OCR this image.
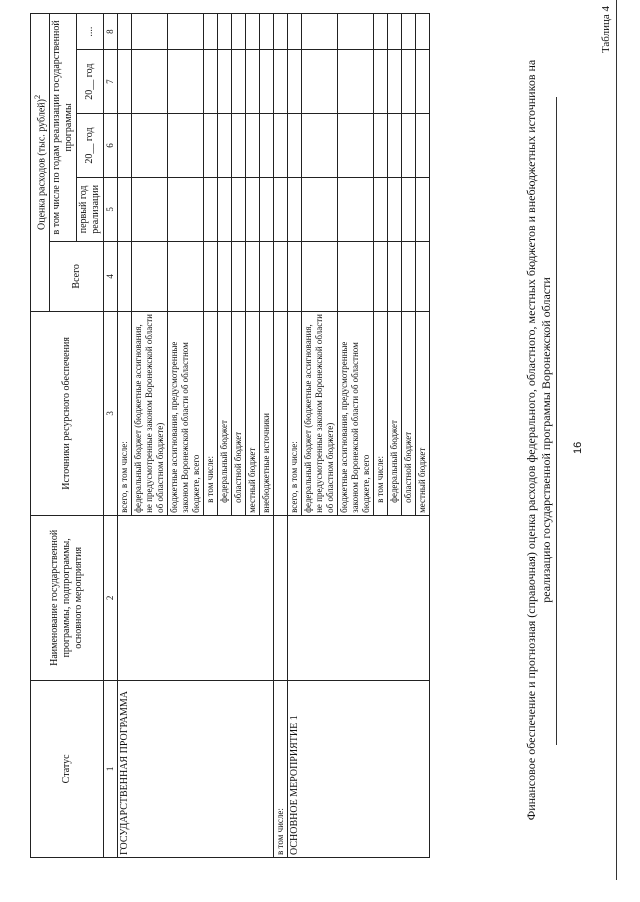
16
Таблица 4
Финансовое обеспечение и прогнозная (справочная) оценка расходов федерального, областного, местных бюджетов и внебюджетных источников на реализацию государственной программы Воронежской области
Статус	Наименование государственной программы, подпрограммы, основного мероприятия	Источники ресурсного обеспечения	Оценка расходов (тыс. рублей)$^2$
			Всего	в том числе по годам реализации государственной программы			
				первый год реализации	20__ год	20__ год	....
1	2	3	4	5	6	7	8
ГОСУДАРСТВЕННАЯ ПРОГРАММА		всего, в том числе:					
		федеральный бюджет (бюджетные ассигнования, не предусмотренные законом Воронежской области об областном бюджете)					
		бюджетные ассигнования, предусмотренные законом Воронежской области об областном бюджете, всего					
		в том числе:					
		федеральный бюджет					
		областной бюджет					
		местный бюджет					
		внебюджетные источники					
в том числе:							
ОСНОВНОЕ МЕРОПРИЯТИЕ 1		всего, в том числе:					
		федеральный бюджет (бюджетные ассигнования, не предусмотренные законом Воронежской области об областном бюджете)					
		бюджетные ассигнования, предусмотренные законом Воронежской области об областном бюджете, всего					
		в том числе:					
		федеральный бюджет					
		областной бюджет					
		местный бюджет					
